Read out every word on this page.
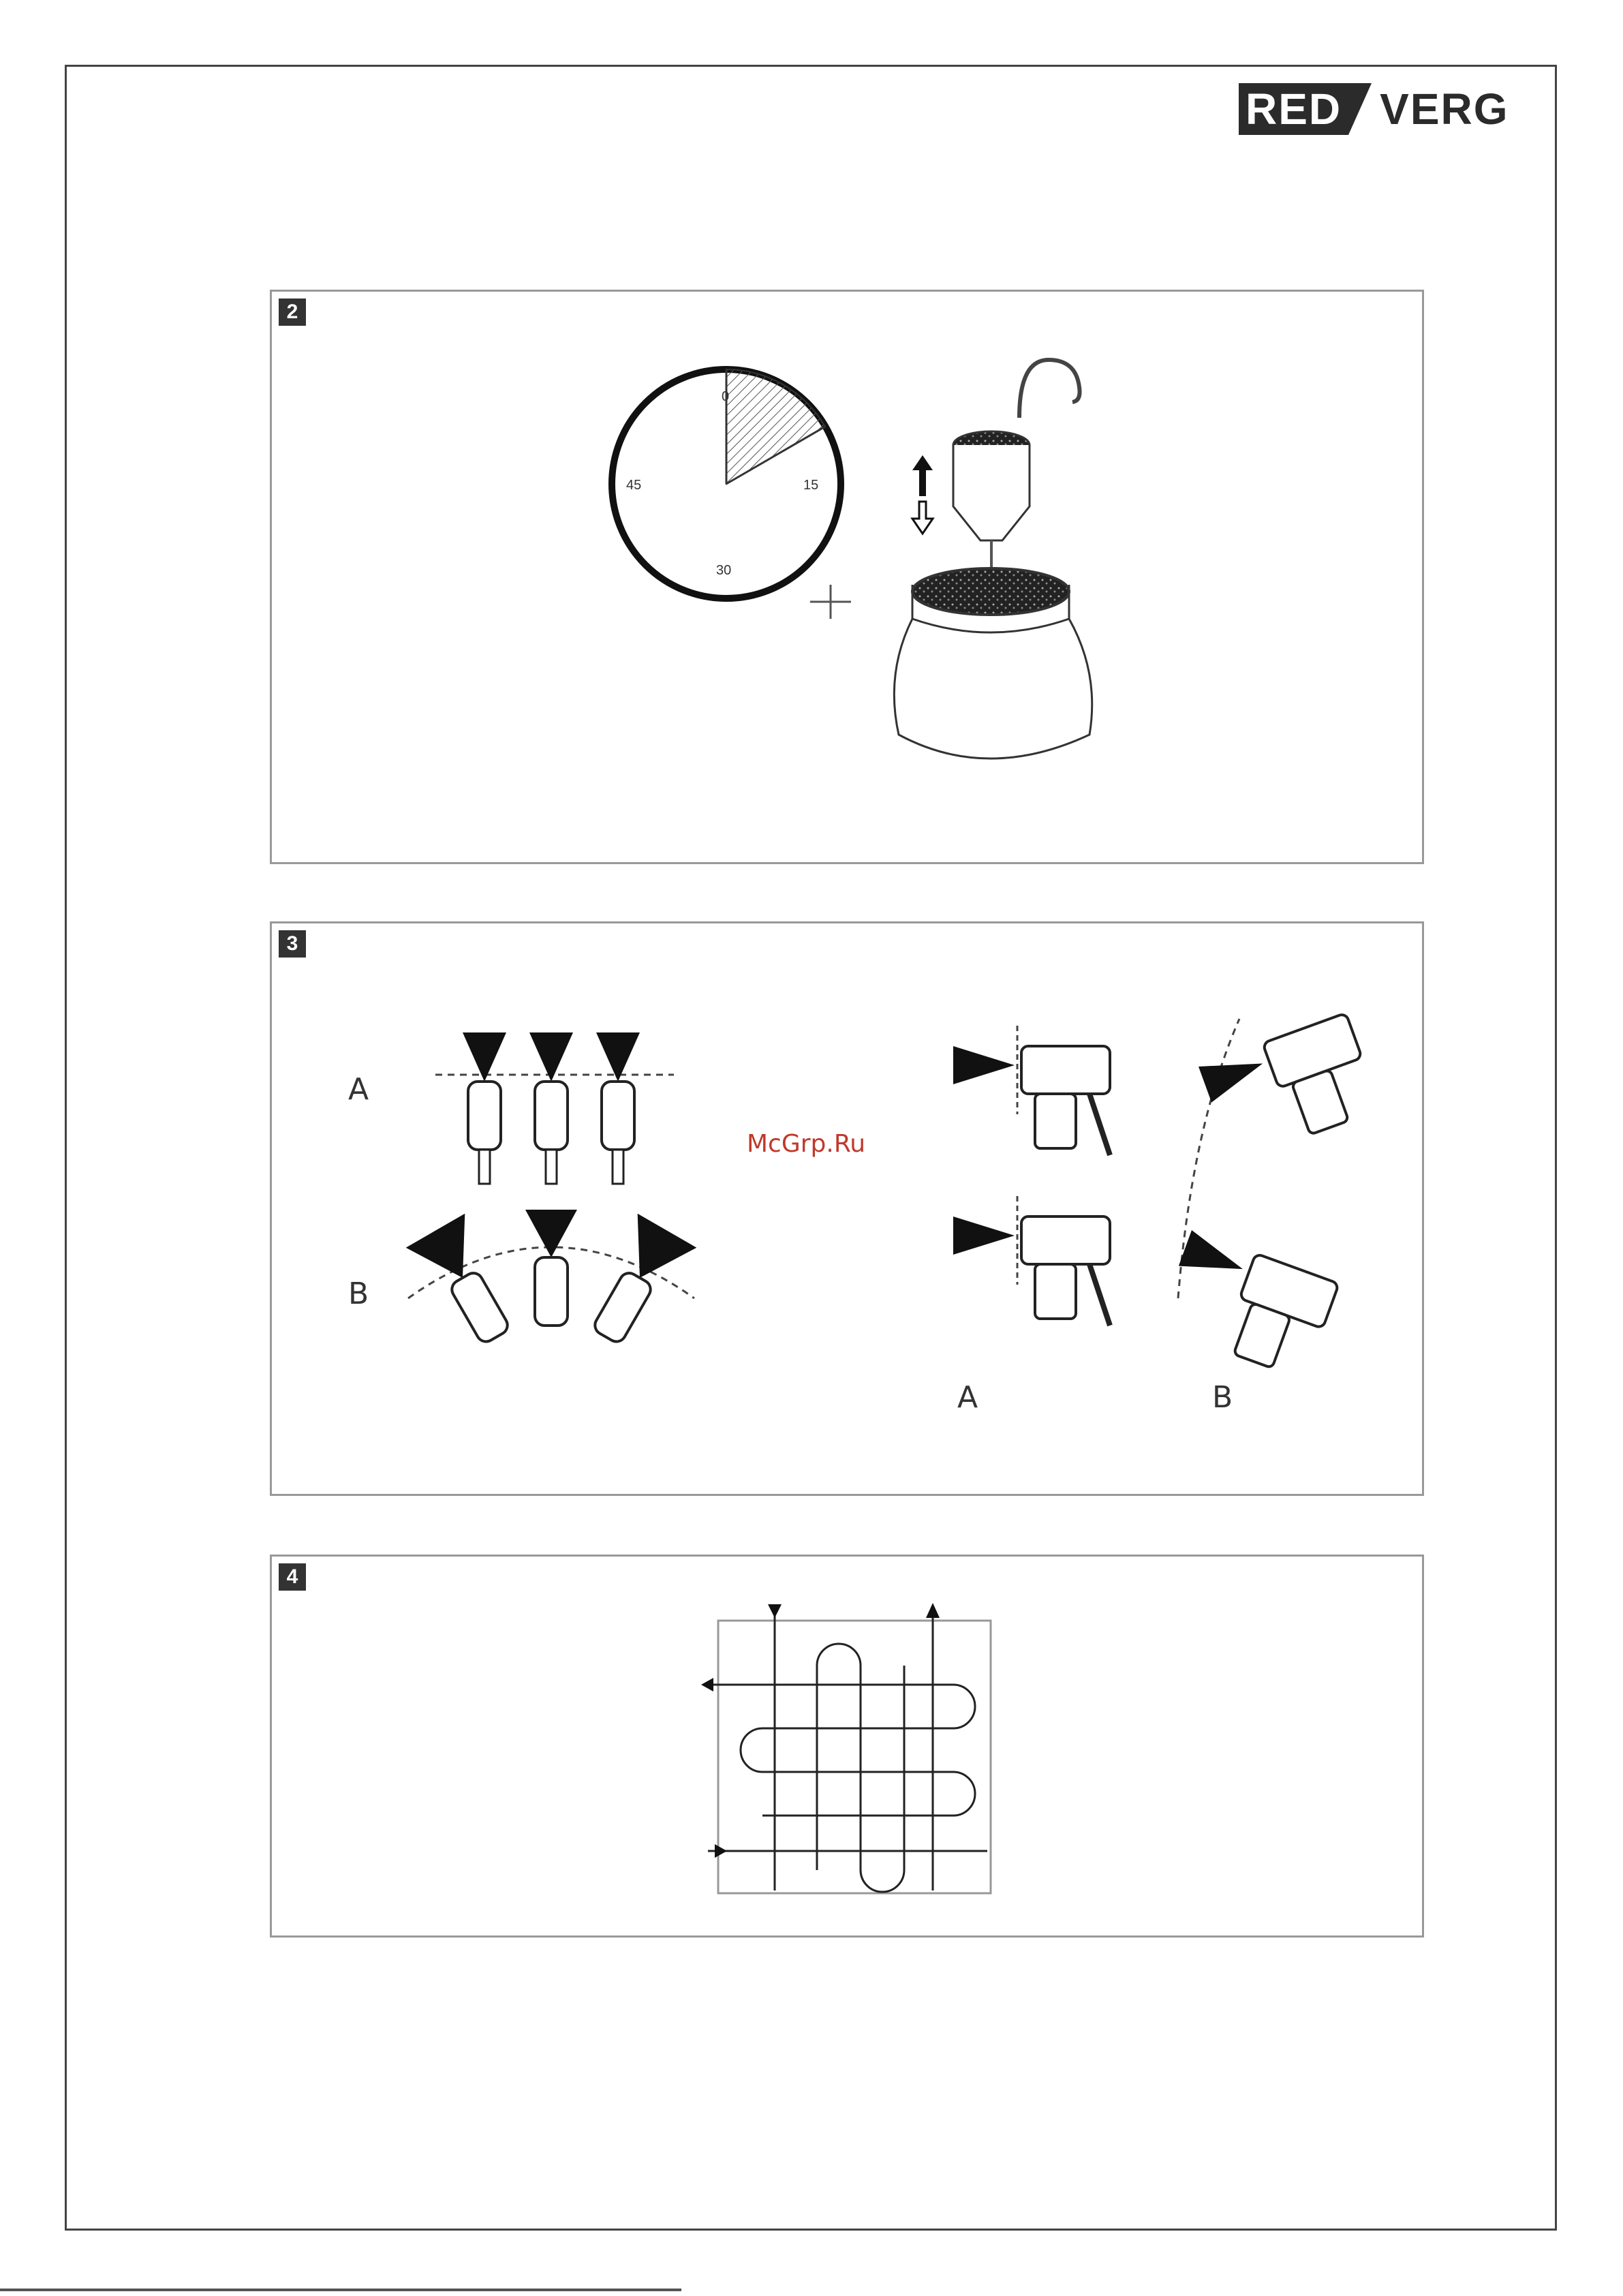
RED VERG
2
0
15
30
45
3
A
B
A	B
McGrp.Ru
4
